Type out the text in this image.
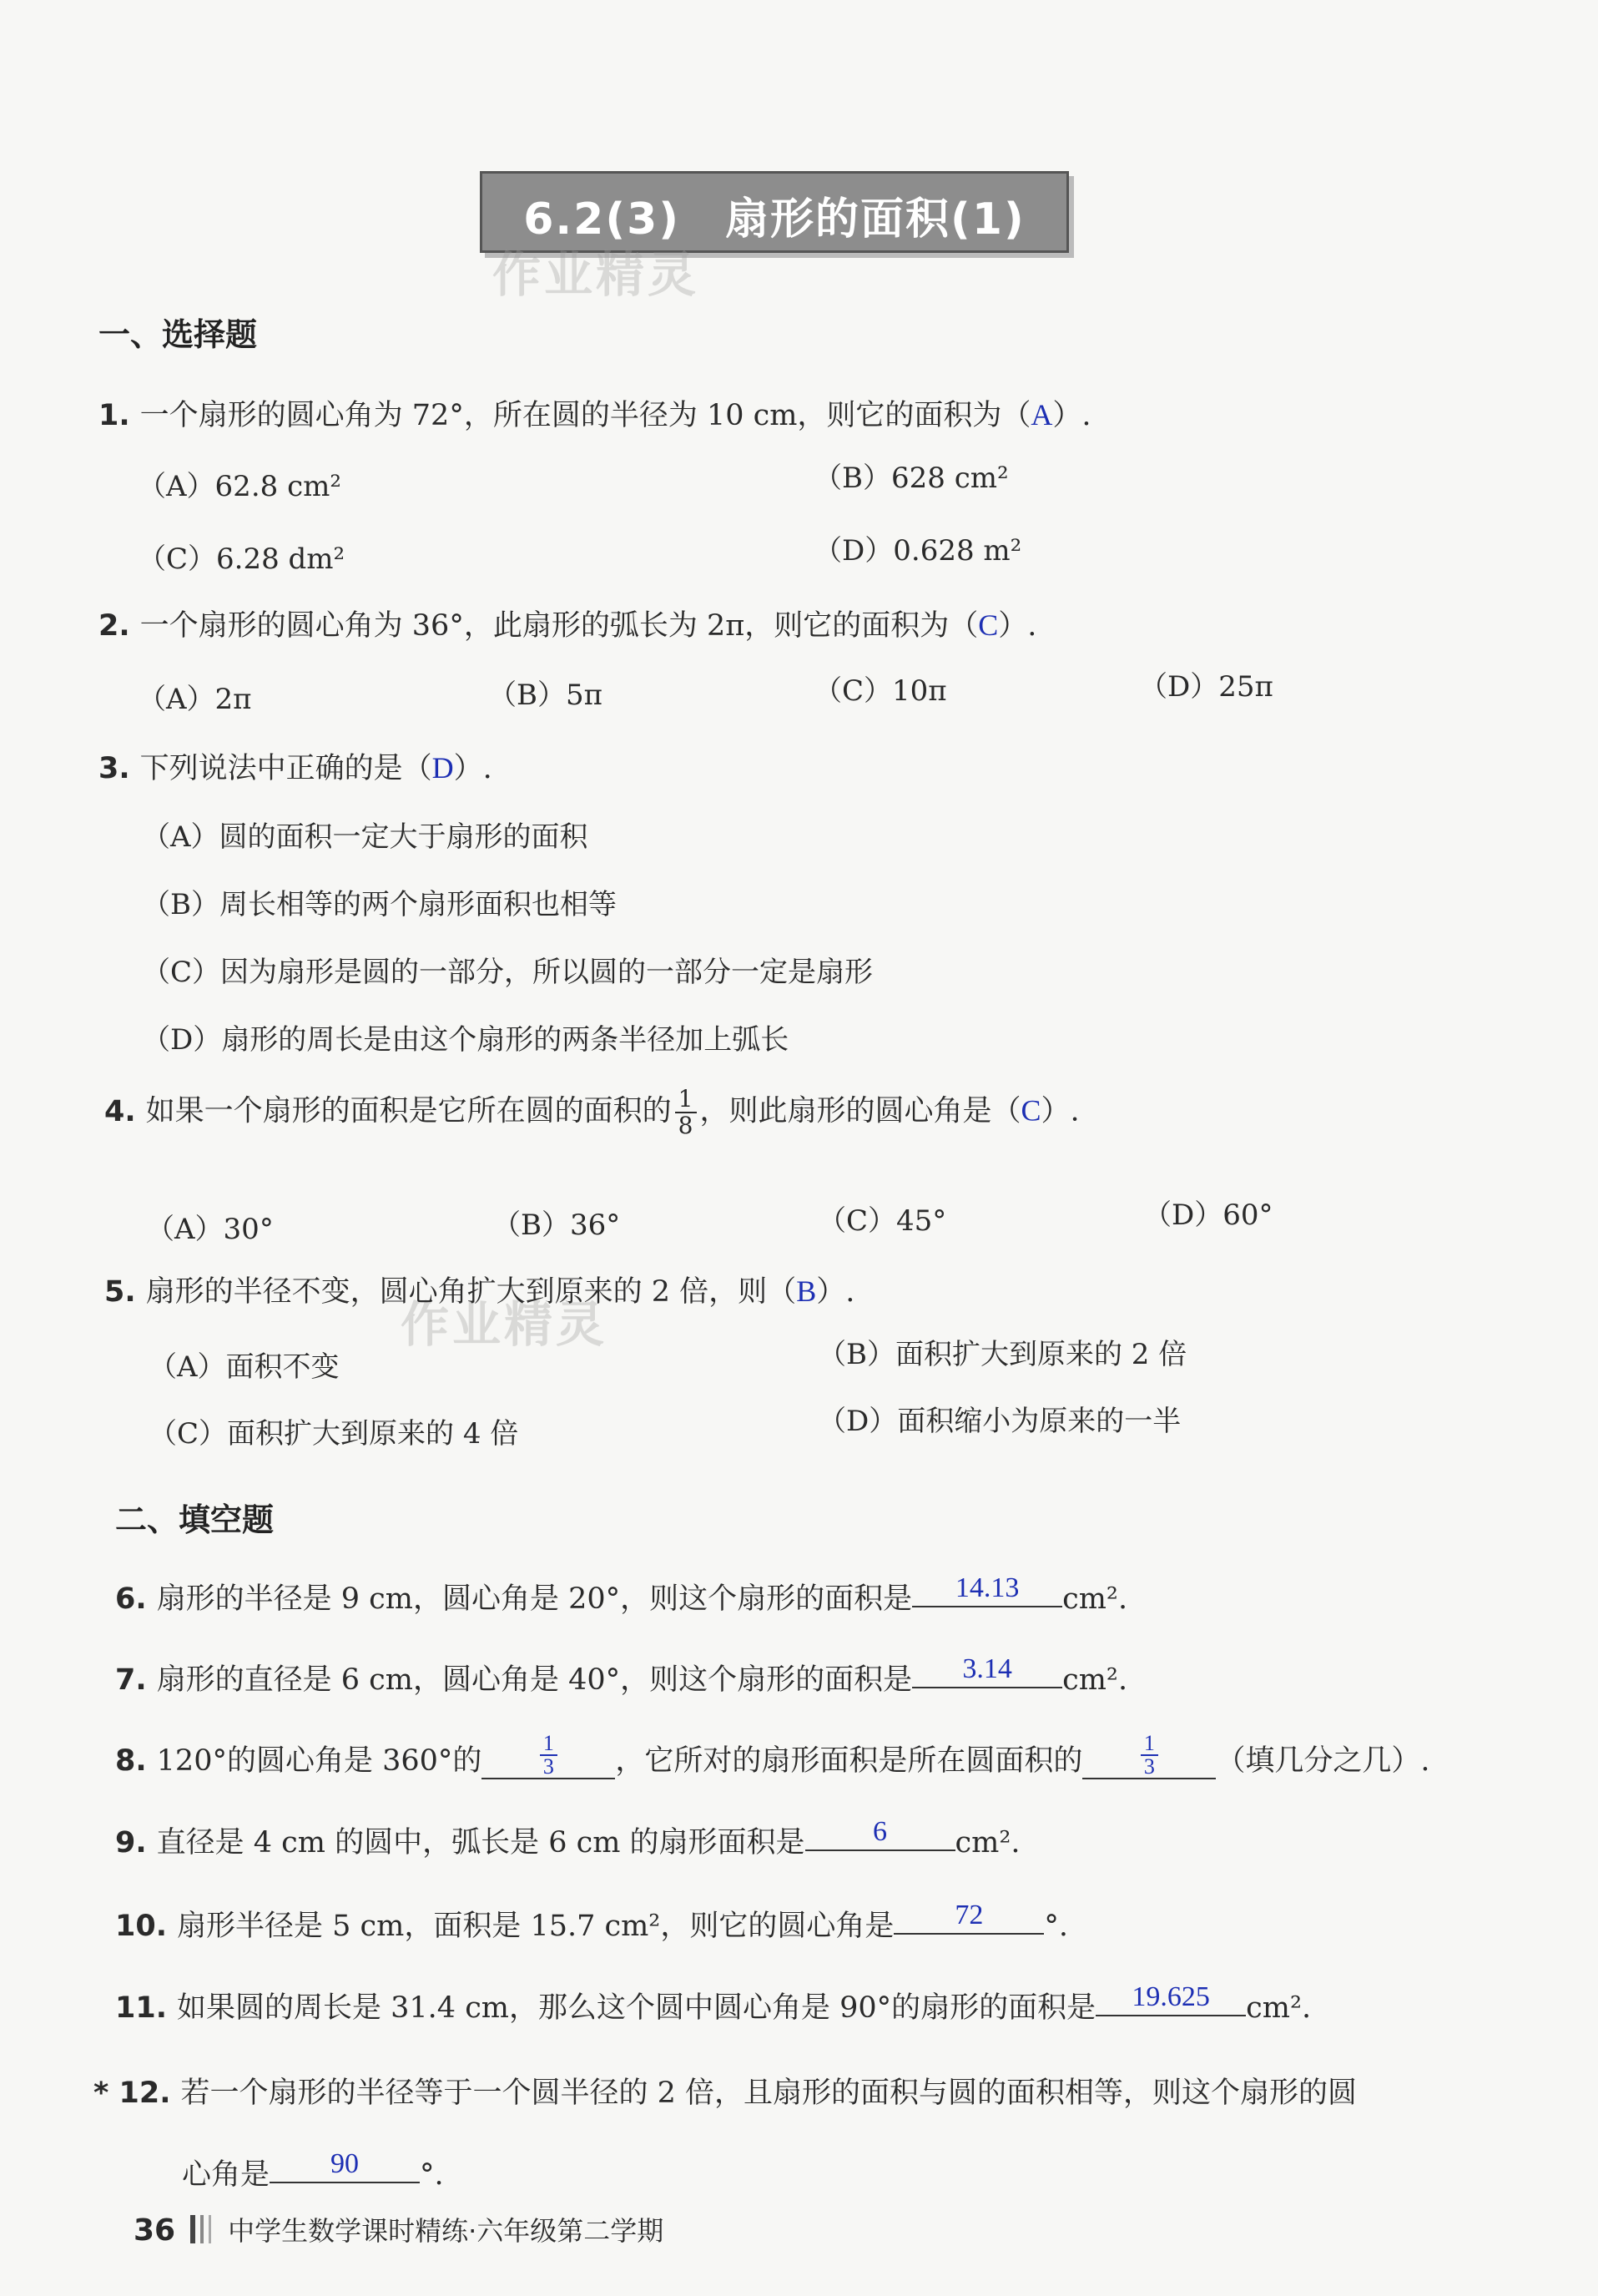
6.2(3)　扇形的面积(1)
作业精灵
作业精灵
一、选择题
1. 一个扇形的圆心角为 72°，所在圆的半径为 10 cm，则它的面积为（A）.
（A）62.8 cm²	（B）628 cm²
（C）6.28 dm²	（D）0.628 m²
2. 一个扇形的圆心角为 36°，此扇形的弧长为 2π，则它的面积为（C）.
（A）2π	（B）5π	（C）10π	（D）25π
3. 下列说法中正确的是（D）.
（A）圆的面积一定大于扇形的面积
（B）周长相等的两个扇形面积也相等
（C）因为扇形是圆的一部分，所以圆的一部分一定是扇形
（D）扇形的周长是由这个扇形的两条半径加上弧长
4. 如果一个扇形的面积是它所在圆的面积的 $\frac{1}{8}$ ，则此扇形的圆心角是（C）.
（A）30°	（B）36°	（C）45°	（D）60°
5. 扇形的半径不变，圆心角扩大到原来的 2 倍，则（B）.
（A）面积不变	（B）面积扩大到原来的 2 倍
（C）面积扩大到原来的 4 倍	（D）面积缩小为原来的一半
二、填空题
6. 扇形的半径是 9 cm，圆心角是 20°，则这个扇形的面积是 14.13 cm².
7. 扇形的直径是 6 cm，圆心角是 40°，则这个扇形的面积是 3.14 cm².
8. 120°的圆心角是 360°的	$\frac{1}{3}$ ，它所对的扇形面积是所在圆面积的	$\frac{1}{3}$ （填几分之几）.
9. 直径是 4 cm 的圆中，弧长是 6 cm 的扇形面积是 6 cm².
10. 扇形半径是 5 cm，面积是 15.7 cm²，则它的圆心角是 72 °.
11. 如果圆的周长是 31.4 cm，那么这个圆中圆心角是 90°的扇形的面积是 19.625 cm².
* 12. 若一个扇形的半径等于一个圆半径的 2 倍，且扇形的面积与圆的面积相等，则这个扇形的圆
心角是 90 °.
36 中学生数学课时精练·六年级第二学期
